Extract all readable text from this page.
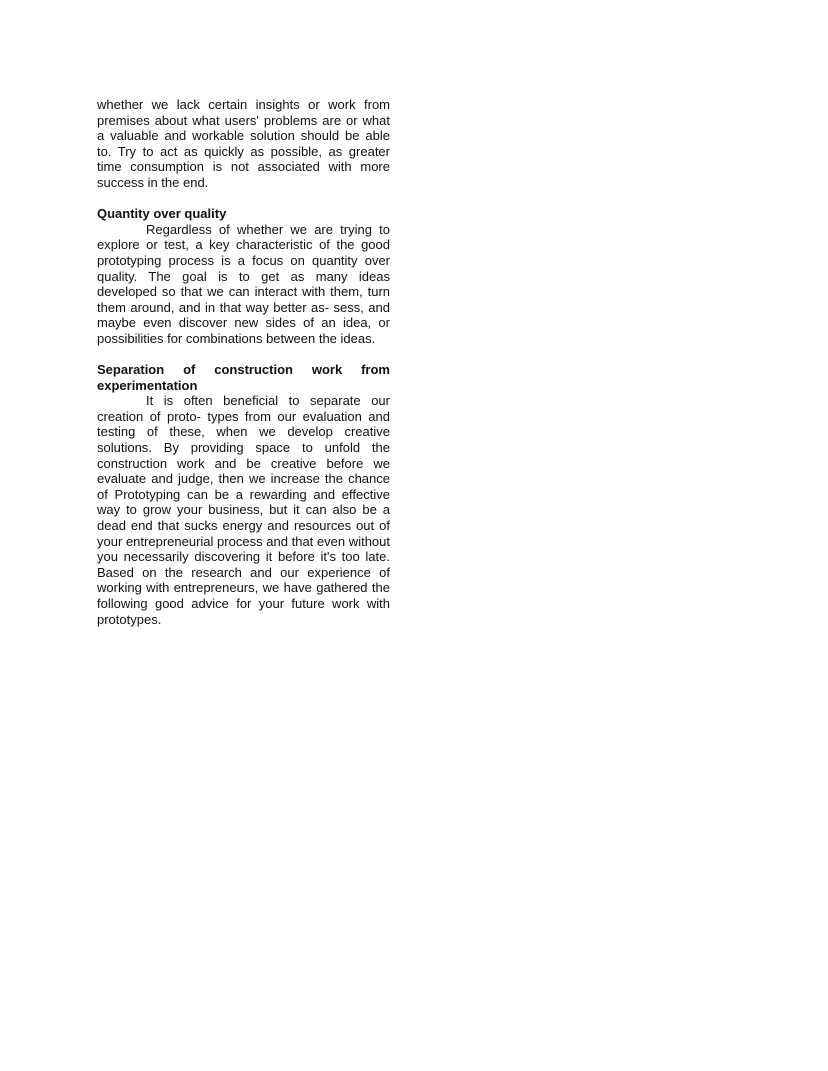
whether we lack certain insights or work from premises about what users' problems are or what a valuable and workable solution should be able to. Try to act as quickly as possible, as greater time consumption is not associated with more success in the end.

Quantity over quality

Regardless of whether we are trying to explore or test, a key characteristic of the good prototyping process is a focus on quantity over quality. The goal is to get as many ideas developed so that we can interact with them, turn them around, and in that way better as- sess, and maybe even discover new sides of an idea, or possibilities for combinations between the ideas.

Separation of construction work from experimentation

It is often beneficial to separate our creation of proto- types from our evaluation and testing of these, when we develop creative solutions. By providing space to unfold the construction work and be creative before we evaluate and judge, then we increase the chance of Prototyping can be a rewarding and effective way to grow your business, but it can also be a dead end that sucks energy and resources out of your entrepreneurial process and that even without you necessarily discovering it before it's too late. Based on the research and our experience of working with entrepreneurs, we have gathered the following good advice for your future work with prototypes.
